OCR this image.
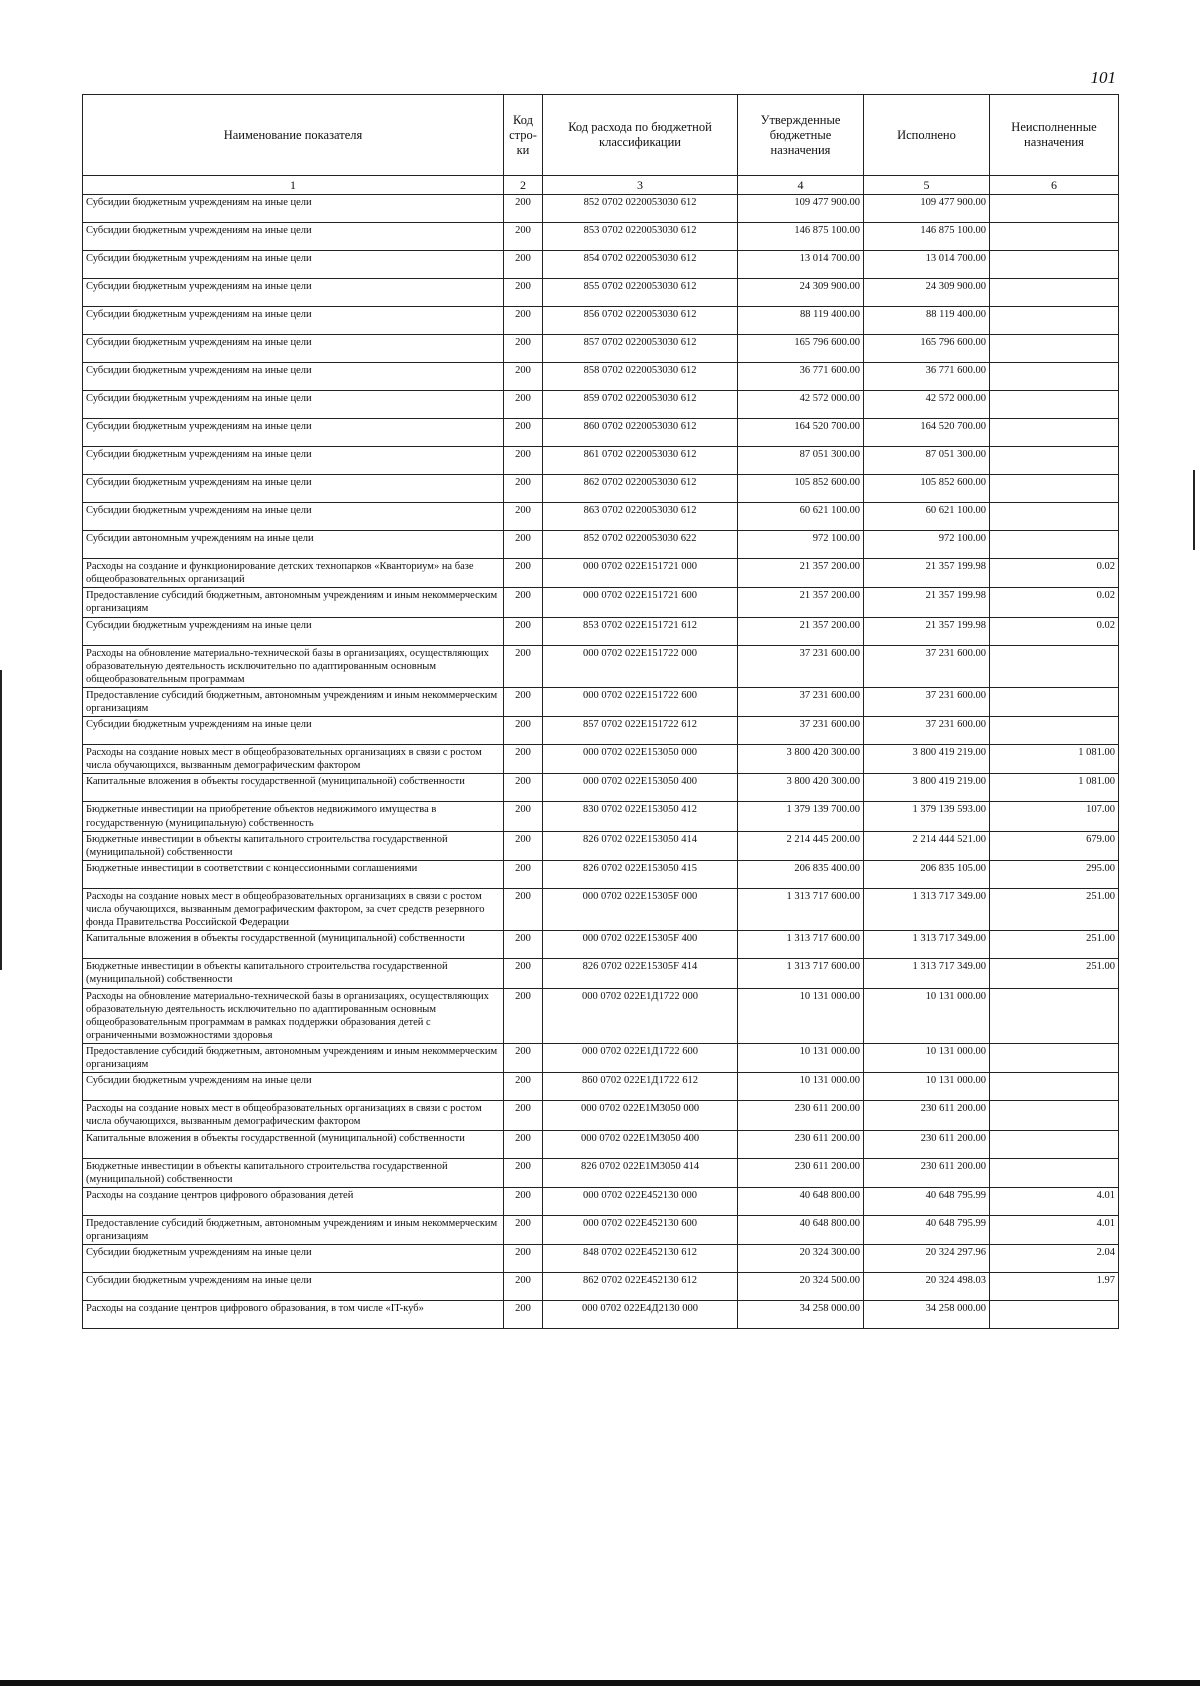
101
Наименование показателя	Код стро-ки	Код расхода по бюджетной классификации	Утвержденные бюджетные назначения	Исполнено	Неисполненные назначения
1	2	3	4	5	6
Субсидии бюджетным учреждениям на иные цели	200	852 0702 0220053030 612	109 477 900.00	109 477 900.00	
Субсидии бюджетным учреждениям на иные цели	200	853 0702 0220053030 612	146 875 100.00	146 875 100.00	
Субсидии бюджетным учреждениям на иные цели	200	854 0702 0220053030 612	13 014 700.00	13 014 700.00	
Субсидии бюджетным учреждениям на иные цели	200	855 0702 0220053030 612	24 309 900.00	24 309 900.00	
Субсидии бюджетным учреждениям на иные цели	200	856 0702 0220053030 612	88 119 400.00	88 119 400.00	
Субсидии бюджетным учреждениям на иные цели	200	857 0702 0220053030 612	165 796 600.00	165 796 600.00	
Субсидии бюджетным учреждениям на иные цели	200	858 0702 0220053030 612	36 771 600.00	36 771 600.00	
Субсидии бюджетным учреждениям на иные цели	200	859 0702 0220053030 612	42 572 000.00	42 572 000.00	
Субсидии бюджетным учреждениям на иные цели	200	860 0702 0220053030 612	164 520 700.00	164 520 700.00	
Субсидии бюджетным учреждениям на иные цели	200	861 0702 0220053030 612	87 051 300.00	87 051 300.00	
Субсидии бюджетным учреждениям на иные цели	200	862 0702 0220053030 612	105 852 600.00	105 852 600.00	
Субсидии бюджетным учреждениям на иные цели	200	863 0702 0220053030 612	60 621 100.00	60 621 100.00	
Субсидии автономным учреждениям на иные цели	200	852 0702 0220053030 622	972 100.00	972 100.00	
Расходы на создание и функционирование детских технопарков «Кванториум» на базе общеобразовательных организаций	200	000 0702 022E151721 000	21 357 200.00	21 357 199.98	0.02
Предоставление субсидий бюджетным, автономным учреждениям и иным некоммерческим организациям	200	000 0702 022E151721 600	21 357 200.00	21 357 199.98	0.02
Субсидии бюджетным учреждениям на иные цели	200	853 0702 022E151721 612	21 357 200.00	21 357 199.98	0.02
Расходы на обновление материально-технической базы в организациях, осуществляющих образовательную деятельность исключительно по адаптированным основным общеобразовательным программам	200	000 0702 022E151722 000	37 231 600.00	37 231 600.00	
Предоставление субсидий бюджетным, автономным учреждениям и иным некоммерческим организациям	200	000 0702 022E151722 600	37 231 600.00	37 231 600.00	
Субсидии бюджетным учреждениям на иные цели	200	857 0702 022E151722 612	37 231 600.00	37 231 600.00	
Расходы на создание новых мест в общеобразовательных организациях в связи с ростом числа обучающихся, вызванным демографическим фактором	200	000 0702 022E153050 000	3 800 420 300.00	3 800 419 219.00	1 081.00
Капитальные вложения в объекты государственной (муниципальной) собственности	200	000 0702 022E153050 400	3 800 420 300.00	3 800 419 219.00	1 081.00
Бюджетные инвестиции на приобретение объектов недвижимого имущества в государственную (муниципальную) собственность	200	830 0702 022E153050 412	1 379 139 700.00	1 379 139 593.00	107.00
Бюджетные инвестиции в объекты капитального строительства государственной (муниципальной) собственности	200	826 0702 022E153050 414	2 214 445 200.00	2 214 444 521.00	679.00
Бюджетные инвестиции в соответствии с концессионными соглашениями	200	826 0702 022E153050 415	206 835 400.00	206 835 105.00	295.00
Расходы на создание новых мест в общеобразовательных организациях в связи с ростом числа обучающихся, вызванным демографическим фактором, за счет средств резервного фонда Правительства Российской Федерации	200	000 0702 022E15305F 000	1 313 717 600.00	1 313 717 349.00	251.00
Капитальные вложения в объекты государственной (муниципальной) собственности	200	000 0702 022E15305F 400	1 313 717 600.00	1 313 717 349.00	251.00
Бюджетные инвестиции в объекты капитального строительства государственной (муниципальной) собственности	200	826 0702 022E15305F 414	1 313 717 600.00	1 313 717 349.00	251.00
Расходы на обновление материально-технической базы в организациях, осуществляющих образовательную деятельность исключительно по адаптированным основным общеобразовательным программам в рамках поддержки образования детей с ограниченными возможностями здоровья	200	000 0702 022E1Д1722 000	10 131 000.00	10 131 000.00	
Предоставление субсидий бюджетным, автономным учреждениям и иным некоммерческим организациям	200	000 0702 022E1Д1722 600	10 131 000.00	10 131 000.00	
Субсидии бюджетным учреждениям на иные цели	200	860 0702 022E1Д1722 612	10 131 000.00	10 131 000.00	
Расходы на создание новых мест в общеобразовательных организациях в связи с ростом числа обучающихся, вызванным демографическим фактором	200	000 0702 022E1М3050 000	230 611 200.00	230 611 200.00	
Капитальные вложения в объекты государственной (муниципальной) собственности	200	000 0702 022E1М3050 400	230 611 200.00	230 611 200.00	
Бюджетные инвестиции в объекты капитального строительства государственной (муниципальной) собственности	200	826 0702 022E1М3050 414	230 611 200.00	230 611 200.00	
Расходы на создание центров цифрового образования детей	200	000 0702 022E452130 000	40 648 800.00	40 648 795.99	4.01
Предоставление субсидий бюджетным, автономным учреждениям и иным некоммерческим организациям	200	000 0702 022E452130 600	40 648 800.00	40 648 795.99	4.01
Субсидии бюджетным учреждениям на иные цели	200	848 0702 022E452130 612	20 324 300.00	20 324 297.96	2.04
Субсидии бюджетным учреждениям на иные цели	200	862 0702 022E452130 612	20 324 500.00	20 324 498.03	1.97
Расходы на создание центров цифрового образования, в том числе «IT-куб»	200	000 0702 022E4Д2130 000	34 258 000.00	34 258 000.00	
